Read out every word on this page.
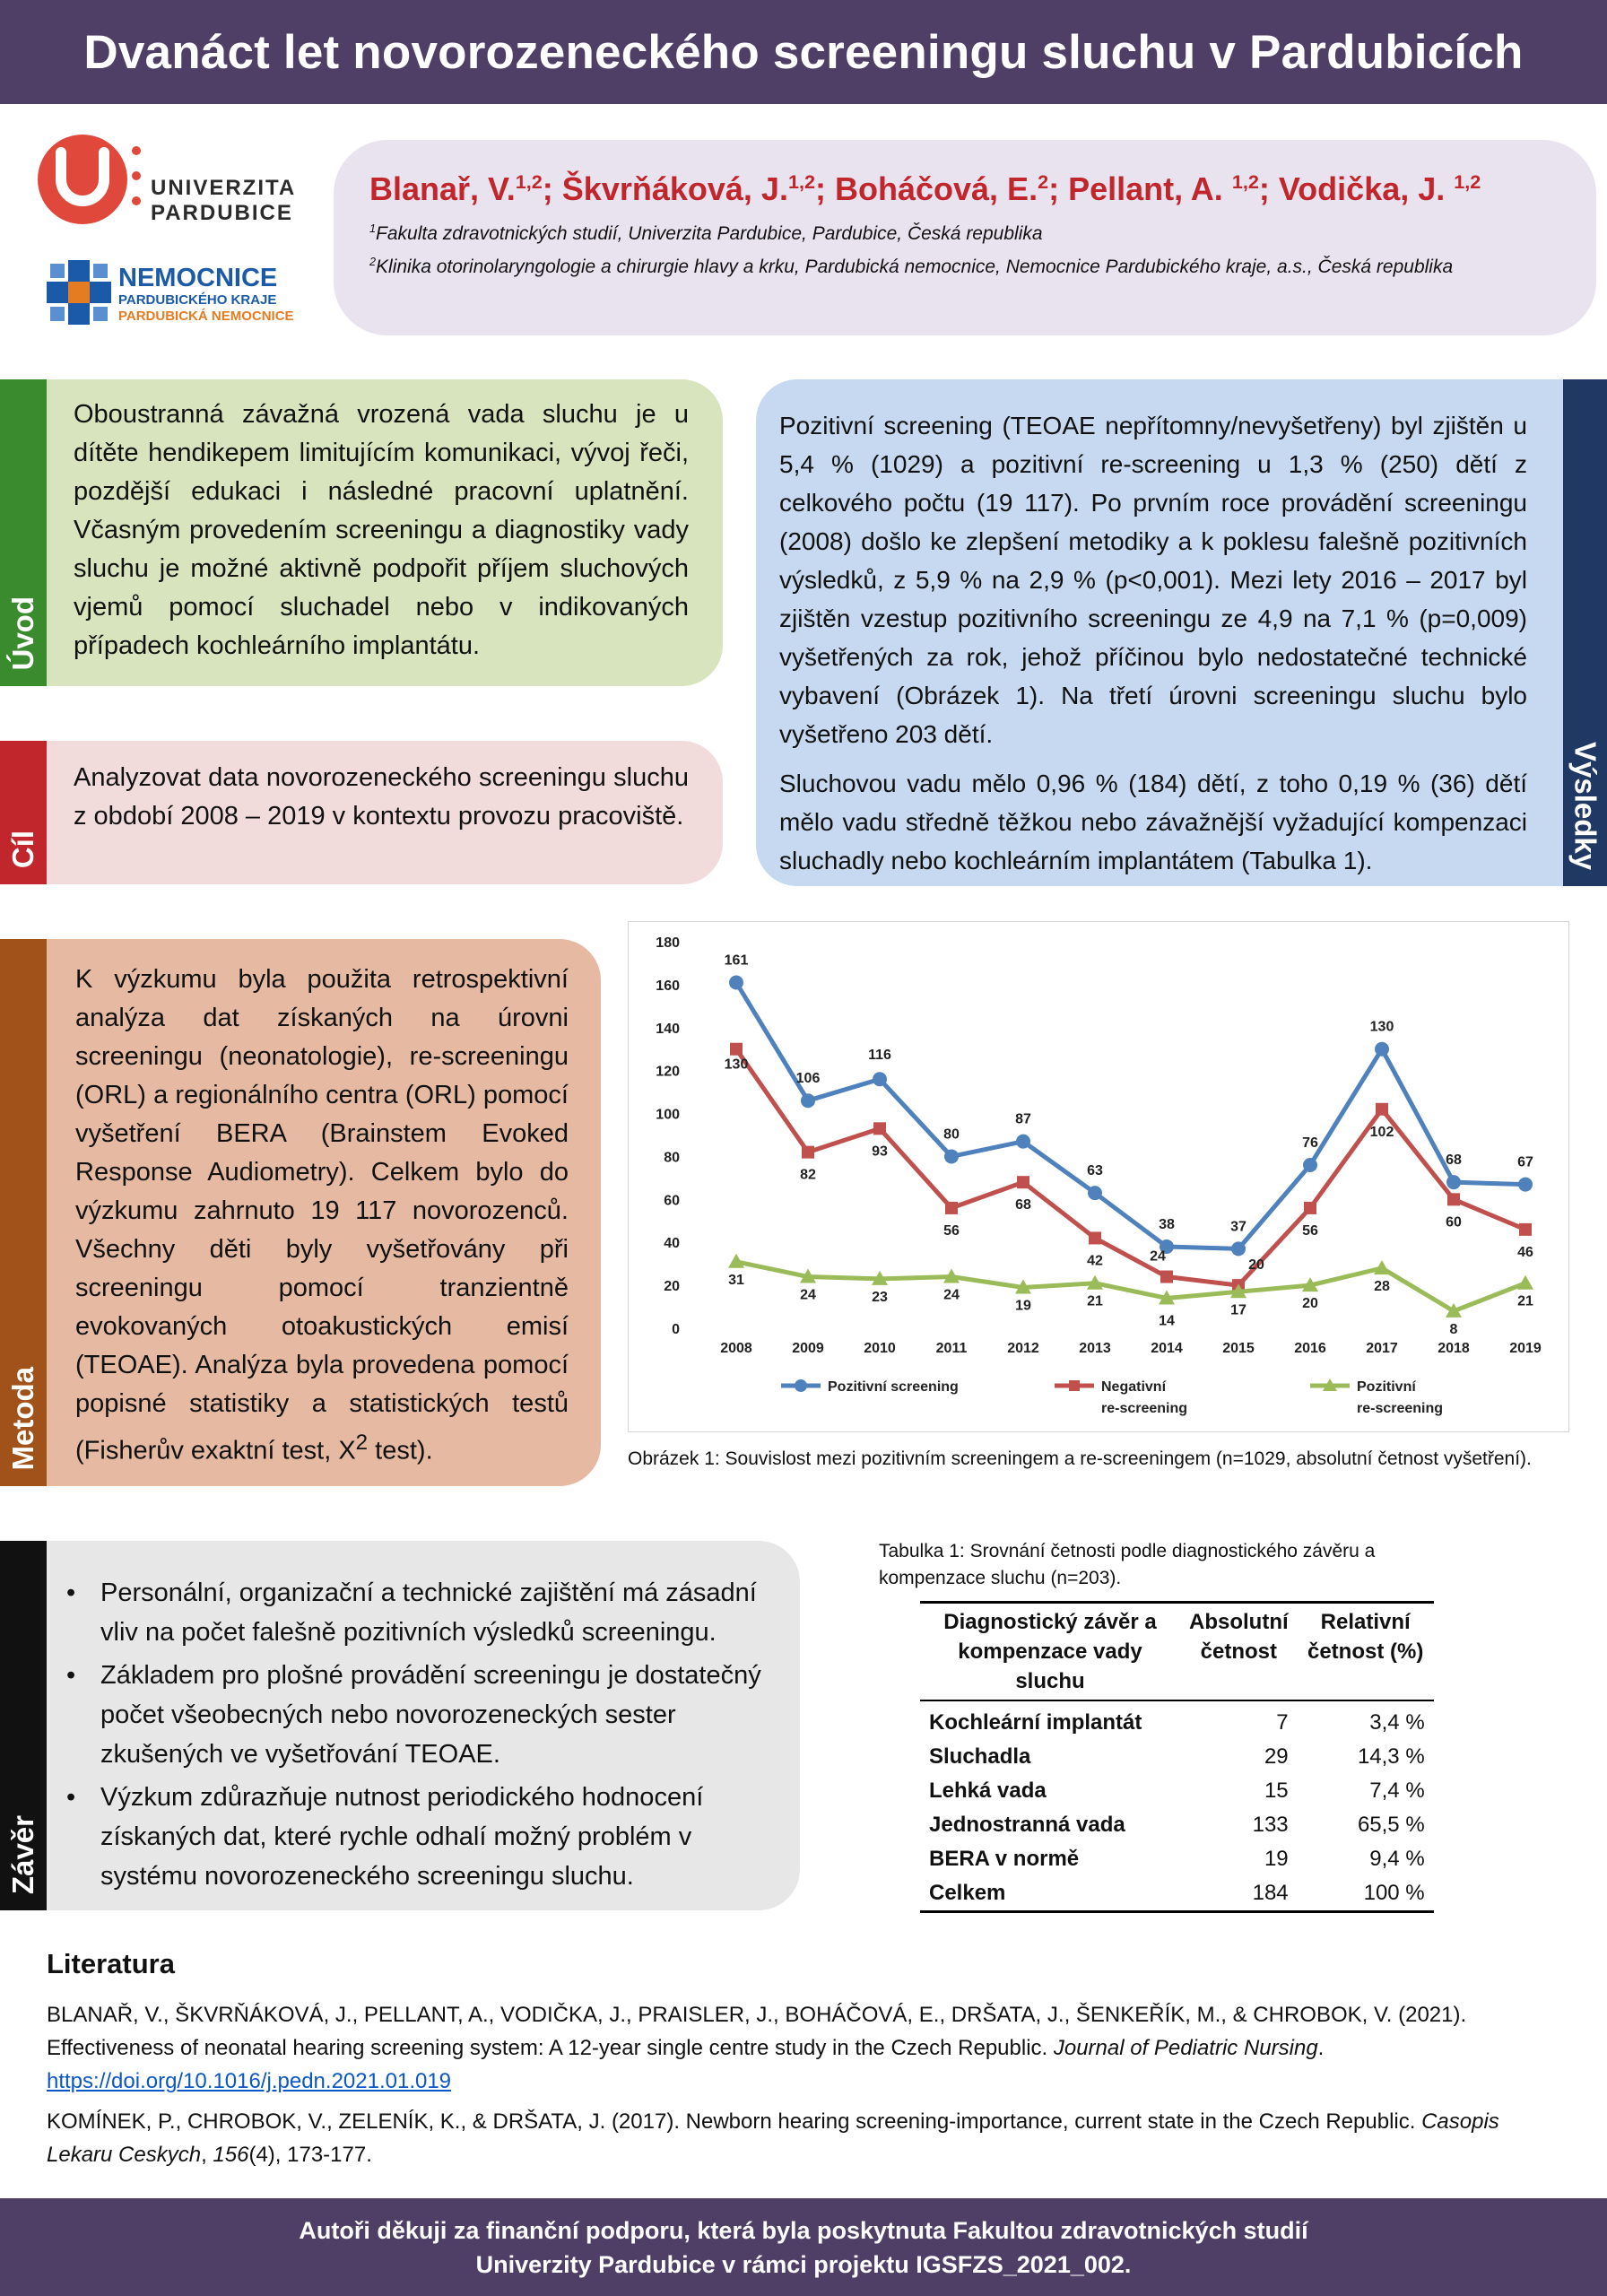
Dvanáct let novorozeneckého screeningu sluchu v Pardubicích
UNIVERZITA
PARDUBICE
NEMOCNICE
PARDUBICKÉHO KRAJE
PARDUBICKÁ NEMOCNICE
Blanař, V.$^{1,2}$; Škvrňáková, J.$^{1,2}$; Boháčová, E.$^2$; Pellant, A. $^{1,2}$; Vodička, J. $^{1,2}$
$^1$Fakulta zdravotnických studií, Univerzita Pardubice, Pardubice, Česká republika
$^2$Klinika otorinolaryngologie a chirurgie hlavy a krku, Pardubická nemocnice, Nemocnice Pardubického kraje, a.s., Česká republika
Úvod

Oboustranná závažná vrozená vada sluchu je u dítěte hendikepem limitujícím komunikaci, vývoj řeči, pozdější edukaci i následné pracovní uplatnění. Včasným provedením screeningu a diagnostiky vady sluchu je možné aktivně podpořit příjem sluchových vjemů pomocí sluchadel nebo v indikovaných případech kochleárního implantátu.

Cíl

Analyzovat data novorozeneckého screeningu sluchu z období 2008 – 2019 v kontextu provozu pracoviště.

Pozitivní screening (TEOAE nepřítomny/nevyšetřeny) byl zjištěn u 5,4 % (1029) a pozitivní re-screening u 1,3 % (250) dětí z celkového počtu (19 117). Po prvním roce provádění screeningu (2008) došlo ke zlepšení metodiky a k poklesu falešně pozitivních výsledků, z 5,9 % na 2,9 % (p<0,001). Mezi lety 2016 – 2017 byl zjištěn vzestup pozitivního screeningu ze 4,9 na 7,1 % (p=0,009) vyšetřených za rok, jehož příčinou bylo nedostatečné technické vybavení (Obrázek 1). Na třetí úrovni screeningu sluchu bylo vyšetřeno 203 dětí.

Sluchovou vadu mělo 0,96 % (184) dětí, z toho 0,19 % (36) dětí mělo vadu středně těžkou nebo závažnější vyžadující kompenzaci sluchadly nebo kochleárním implantátem (Tabulka 1).	Výsledky
Metoda

K výzkumu byla použita retrospektivní analýza dat získaných na úrovni screeningu (neonatologie), re-screeningu (ORL) a regionálního centra (ORL) pomocí vyšetření BERA (Brainstem Evoked Response Audiometry). Celkem bylo do výzkumu zahrnuto 19 117 novorozenců. Všechny děti byly vyšetřovány při screeningu pomocí tranzientně evokovaných otoakustických emisí (TEOAE). Analýza byla provedena pomocí popisné statistiky a statistických testů (Fisherův exaktní test, $X^2$ test).

0
20
40
60
80
100
120
140
160
180
2008	2009	2010	2011	2012	2013	2014	2015	2016	2017	2018	2019
161
106
116
80
87
63
38	37
76
130
68	67
130
82
93
56
68
42	24
20
56
102
60
46
31
24	23	24
19	21
14
17	20
28
8
21
Pozitivní screening	Negativní
re-screening
Pozitivní
re-screening
Obrázek 1: Souvislost mezi pozitivním screeningem a re-screeningem (n=1029, absolutní četnost vyšetření).
Závěr
• Personální, organizační a technické zajištění má zásadní vliv na počet falešně pozitivních výsledků screeningu.
• Základem pro plošné provádění screeningu je dostatečný počet všeobecných nebo novorozeneckých sester zkušených ve vyšetřování TEOAE.
• Výzkum zdůrazňuje nutnost periodického hodnocení získaných dat, které rychle odhalí možný problém v systému novorozeneckého screeningu sluchu.
Tabulka 1: Srovnání četnosti podle diagnostického závěru a kompenzace sluchu (n=203).
Diagnostický závěr a kompenzace vady sluchu	Absolutní četnost	Relativní četnost (%)
Kochleární implantát	7	3,4 %
Sluchadla	29	14,3 %
Lehká vada	15	7,4 %
Jednostranná vada	133	65,5 %
BERA v normě	19	9,4 %
Celkem	184	100 %
Literatura

BLANAŘ, V., ŠKVRŇÁKOVÁ, J., PELLANT, A., VODIČKA, J., PRAISLER, J., BOHÁČOVÁ, E., DRŠATA, J., ŠENKEŘÍK, M., & CHROBOK, V. (2021). Effectiveness of neonatal hearing screening system: A 12-year single centre study in the Czech Republic. Journal of Pediatric Nursing.
https://doi.org/10.1016/j.pedn.2021.01.019

KOMÍNEK, P., CHROBOK, V., ZELENÍK, K., & DRŠATA, J. (2017). Newborn hearing screening-importance, current state in the Czech Republic. Casopis Lekaru Ceskych, 156(4), 173-177.

Autoři děkuji za finanční podporu, která byla poskytnuta Fakultou zdravotnických studií
Univerzity Pardubice v rámci projektu IGSFZS_2021_002.
